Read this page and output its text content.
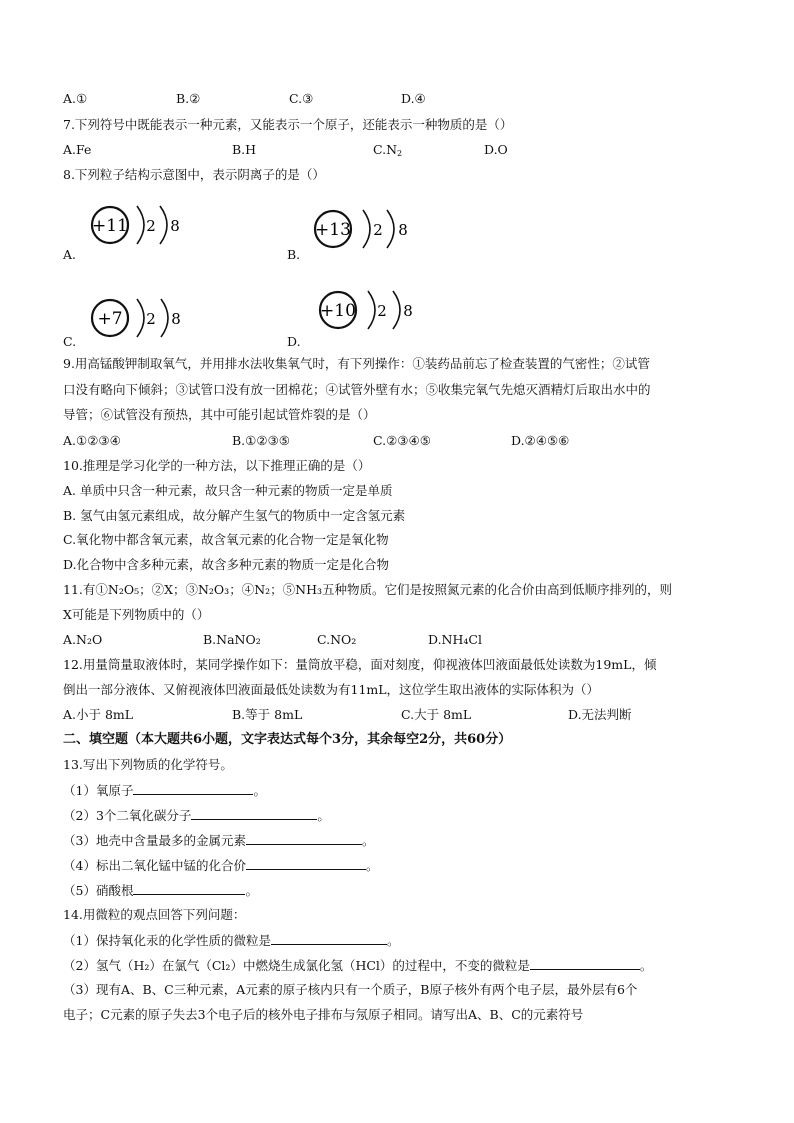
A.①	B.②	C.③	D.④
7.下列符号中既能表示一种元素，又能表示一个原子，还能表示一种物质的是（）
A.Fe	B.H	$C.N_2$	D.O
8.下列粒子结构示意图中，表示阴离子的是（）
A.
+11 2 8
B.
+13 2 8
C.
+7 2 8
D.
+10 2 8
9.用高锰酸钾制取氧气，并用排水法收集氧气时，有下列操作：①装药品前忘了检查装置的气密性；②试管
口没有略向下倾斜；③试管口没有放一团棉花；④试管外壁有水；⑤收集完氧气先熄灭酒精灯后取出水中的
导管；⑥试管没有预热，其中可能引起试管炸裂的是（）
A.①②③④	B.①②③⑤	C.②③④⑤	D.②④⑤⑥
10.推理是学习化学的一种方法，以下推理正确的是（）
A. 单质中只含一种元素，故只含一种元素的物质一定是单质
B. 氢气由氢元素组成，故分解产生氢气的物质中一定含氢元素
C.氧化物中都含氧元素，故含氧元素的化合物一定是氧化物
D.化合物中含多种元素，故含多种元素的物质一定是化合物
11.有①N₂O₅；②X；③N₂O₃；④N₂；⑤NH₃五种物质。它们是按照氮元素的化合价由高到低顺序排列的，则
X可能是下列物质中的（）
A.N₂O	B.NaNO₂	C.NO₂	D.NH₄Cl
12.用量筒量取液体时，某同学操作如下：量筒放平稳，面对刻度，仰视液体凹液面最低处读数为19mL，倾
倒出一部分液体、又俯视液体凹液面最低处读数为有11mL，这位学生取出液体的实际体积为（）
A.小于 8mL	B.等于 8mL	C.大于 8mL	D.无法判断
二、填空题（本大题共6小题，文字表达式每个3分，其余每空2分，共60分）
13.写出下列物质的化学符号。
（1）氧原子	。
（2）3个二氧化碳分子	。
（3）地壳中含量最多的金属元素	。
（4）标出二氧化锰中锰的化合价	。
（5）硝酸根	。
14.用微粒的观点回答下列问题：
（1）保持氧化汞的化学性质的微粒是	。
（2）氢气（H₂）在氯气（Cl₂）中燃烧生成氯化氢（HCl）的过程中，不变的微粒是	。
（3）现有A、B、C三种元素，A元素的原子核内只有一个质子，B原子核外有两个电子层，最外层有6个
电子；C元素的原子失去3个电子后的核外电子排布与氖原子相同。请写出A、B、C的元素符号
